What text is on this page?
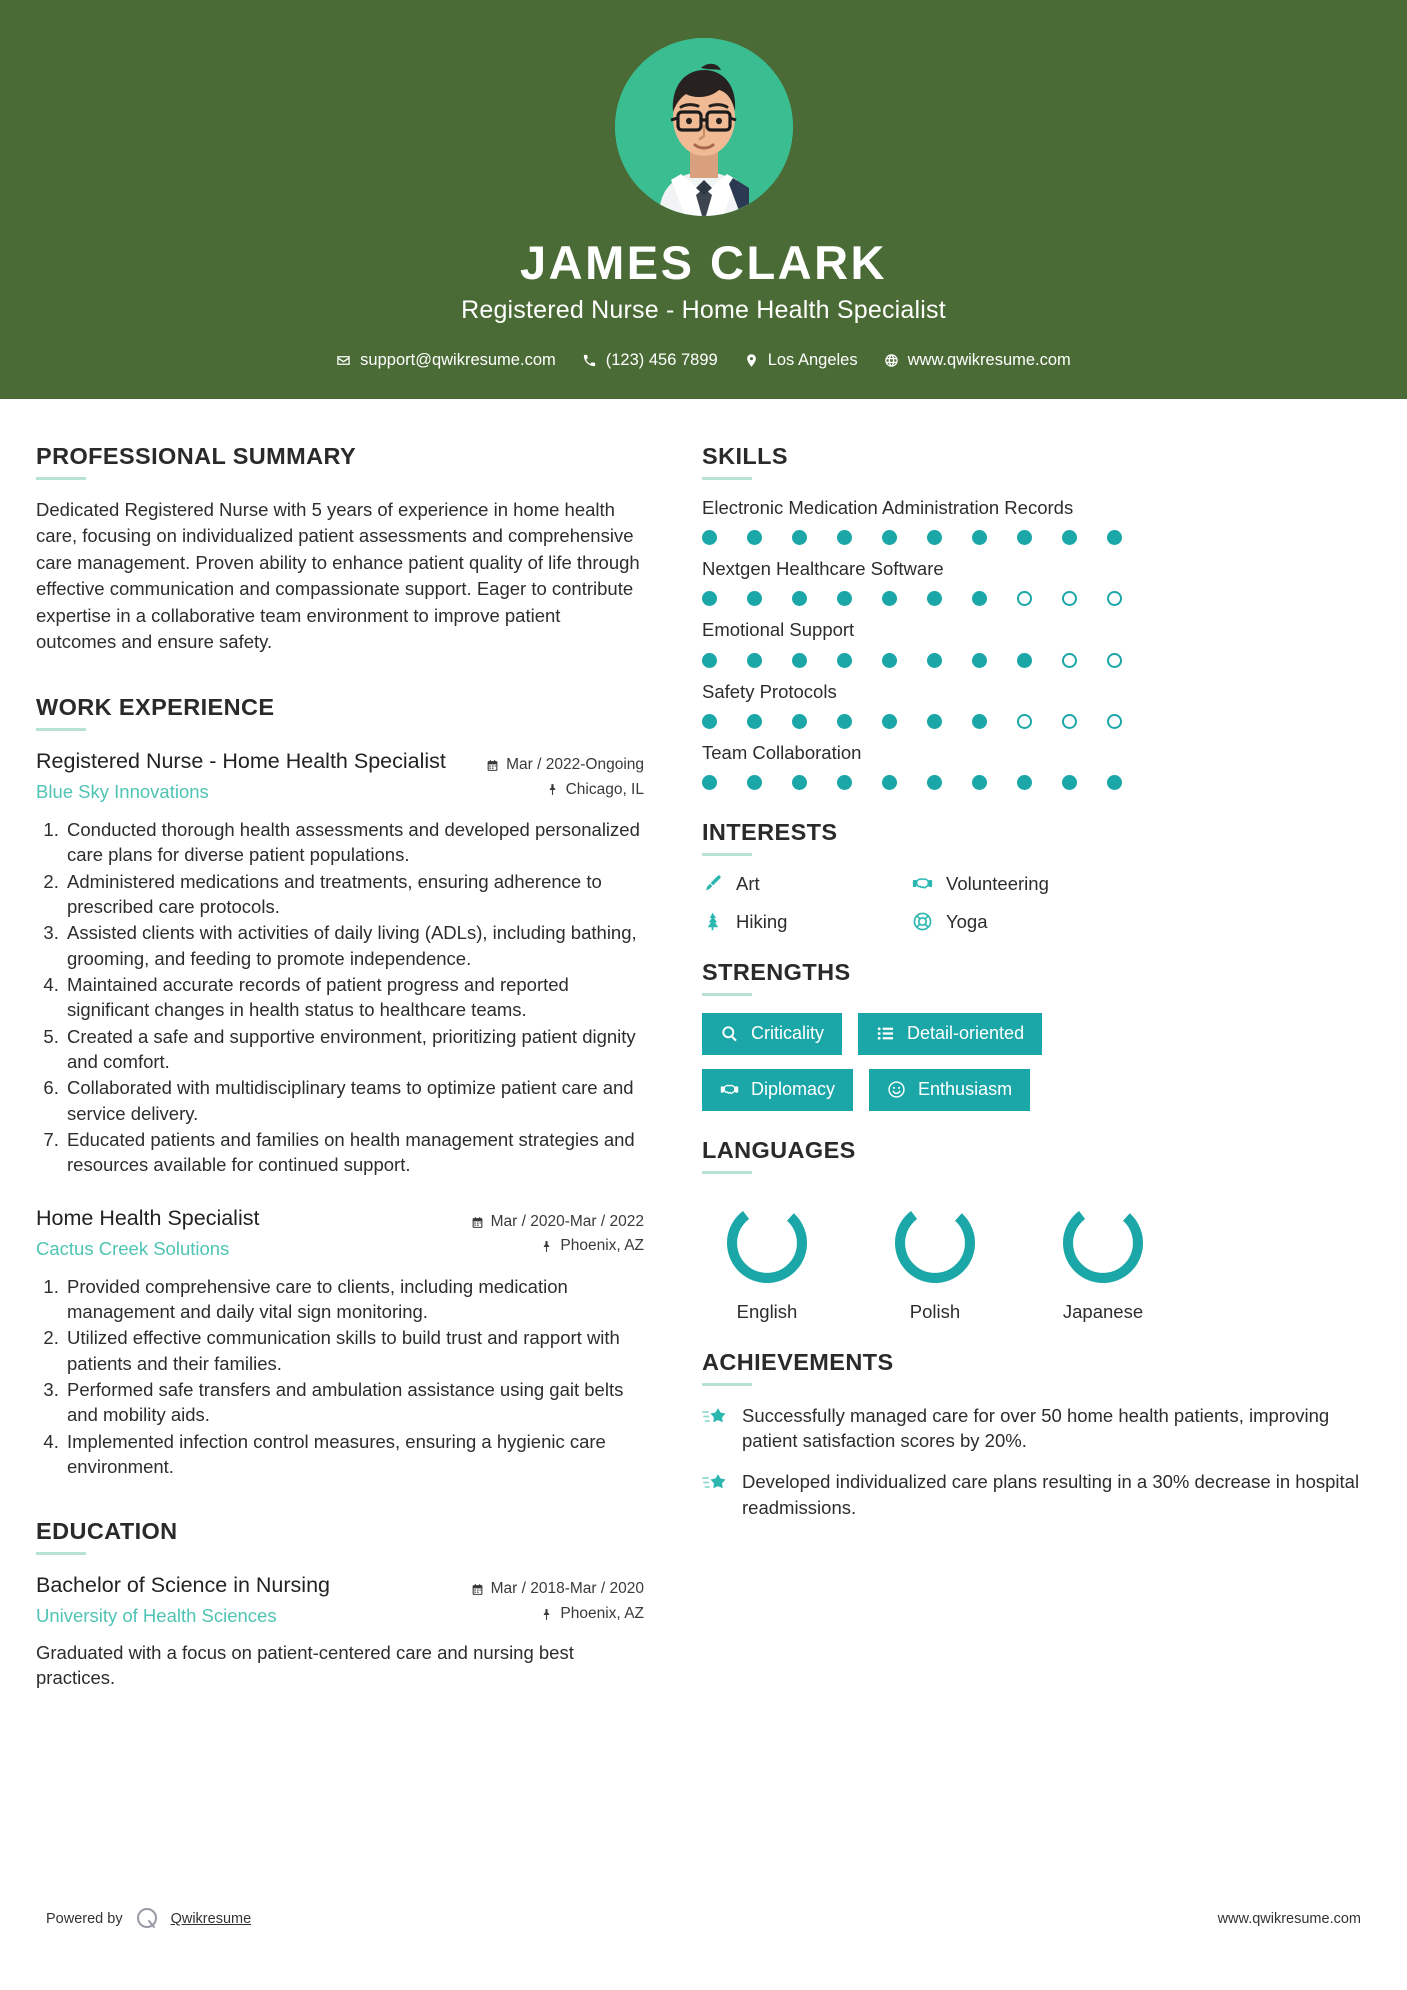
JAMES CLARK
Registered Nurse - Home Health Specialist
support@qwikresume.com	(123) 456 7899	Los Angeles	www.qwikresume.com
PROFESSIONAL SUMMARY

Dedicated Registered Nurse with 5 years of experience in home health care, focusing on individualized patient assessments and comprehensive care management. Proven ability to enhance patient quality of life through effective communication and compassionate support. Eager to contribute expertise in a collaborative team environment to improve patient outcomes and ensure safety.

WORK EXPERIENCE
Registered Nurse - Home Health Specialist
Blue Sky Innovations
Mar / 2022-Ongoing
Chicago, IL
1. Conducted thorough health assessments and developed personalized care plans for diverse patient populations.
2. Administered medications and treatments, ensuring adherence to prescribed care protocols.
3. Assisted clients with activities of daily living (ADLs), including bathing, grooming, and feeding to promote independence.
4. Maintained accurate records of patient progress and reported significant changes in health status to healthcare teams.
5. Created a safe and supportive environment, prioritizing patient dignity and comfort.
6. Collaborated with multidisciplinary teams to optimize patient care and service delivery.
7. Educated patients and families on health management strategies and resources available for continued support.
Home Health Specialist
Cactus Creek Solutions
Mar / 2020-Mar / 2022
Phoenix, AZ
1. Provided comprehensive care to clients, including medication management and daily vital sign monitoring.
2. Utilized effective communication skills to build trust and rapport with patients and their families.
3. Performed safe transfers and ambulation assistance using gait belts and mobility aids.
4. Implemented infection control measures, ensuring a hygienic care environment.
EDUCATION
Bachelor of Science in Nursing
University of Health Sciences
Mar / 2018-Mar / 2020
Phoenix, AZ

Graduated with a focus on patient-centered care and nursing best practices.

SKILLS
Electronic Medication Administration Records
Nextgen Healthcare Software
Emotional Support
Safety Protocols
Team Collaboration
INTERESTS
Art	Volunteering
Hiking	Yoga
STRENGTHS
Criticality	Detail-oriented
Diplomacy	Enthusiasm
LANGUAGES
English	Polish	Japanese
ACHIEVEMENTS
Successfully managed care for over 50 home health patients, improving patient satisfaction scores by 20%.
Developed individualized care plans resulting in a 30% decrease in hospital readmissions.
Powered by	Qwikresume	www.qwikresume.com
